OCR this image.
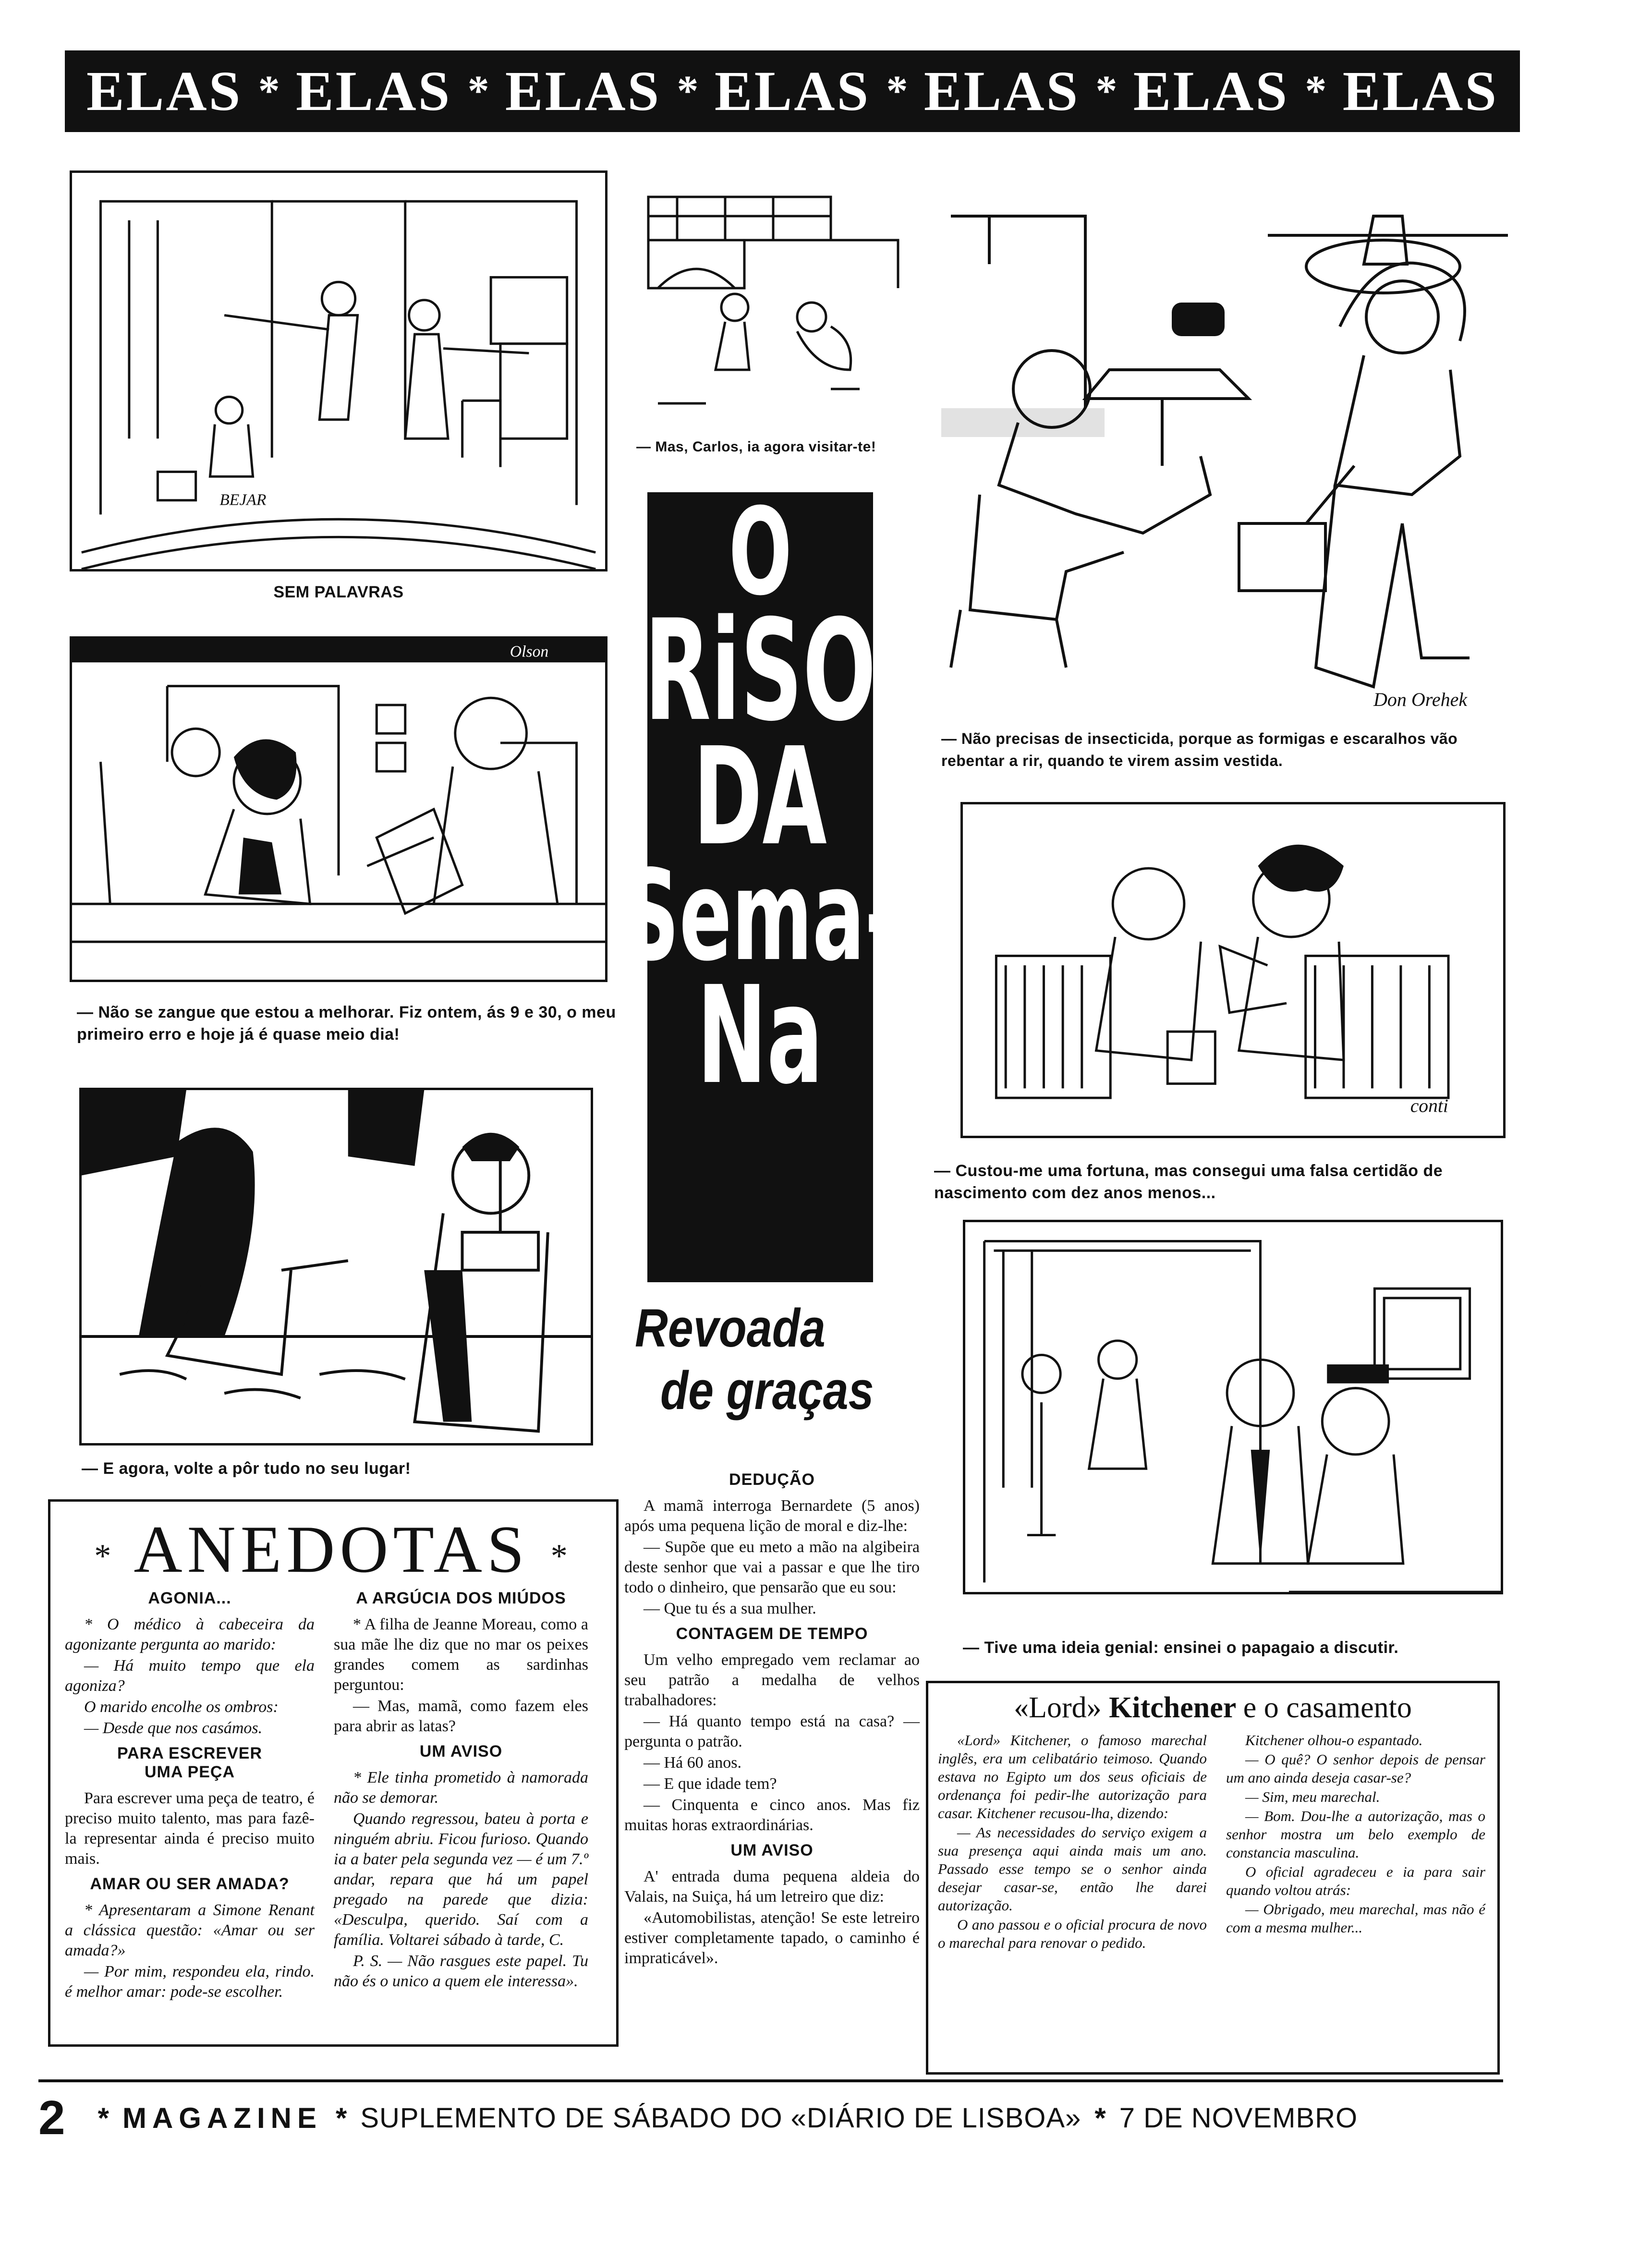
ELAS * ELAS * ELAS * ELAS * ELAS * ELAS * ELAS
BEJAR
SEM PALAVRAS
— Mas, Carlos, ia agora visitar-te!
Don Orehek
— Não precisas de insecticida, porque as formigas e escaralhos vão rebentar a rir, quando te virem assim vestida.
Olson
— Não se zangue que estou a melhorar. Fiz ontem, ás 9 e 30, o meu primeiro erro e hoje já é quase meio dia!
O
RiSO
DA
Sema-
Na
Revoada
de graças
conti
— Custou-me uma fortuna, mas consegui uma falsa certidão de nascimento com dez anos menos...
— E agora, volte a pôr tudo no seu lugar!
— Tive uma ideia genial: ensinei o papagaio a discutir.
DEDUÇÃO

A mamã interroga Bernardete (5 anos) após uma pequena lição de moral e diz-lhe:

— Supõe que eu meto a mão na algibeira deste senhor que vai a passar e que lhe tiro todo o dinheiro, que pensarão que eu sou:

— Que tu és a sua mulher.

CONTAGEM DE TEMPO

Um velho empregado vem reclamar ao seu patrão a medalha de velhos trabalhadores:

— Há quanto tempo está na casa? — pergunta o patrão.

— Há 60 anos.

— E que idade tem?

— Cinquenta e cinco anos. Mas fiz muitas horas extraordinárias.

UM AVISO

A' entrada duma pequena aldeia do Valais, na Suiça, há um letreiro que diz:

«Automobilistas, atenção! Se este letreiro estiver completamente tapado, o caminho é impraticável».

* ANEDOTAS *
AGONIA...

* O médico à cabeceira da agonizante pergunta ao marido:

— Há muito tempo que ela agoniza?

O marido encolhe os ombros:

— Desde que nos casámos.

PARA ESCREVER
UMA PEÇA

Para escrever uma peça de teatro, é preciso muito talento, mas para fazê-la representar ainda é preciso muito mais.

AMAR OU SER AMADA?

* Apresentaram a Simone Renant a clássica questão: «Amar ou ser amada?»

— Por mim, respondeu ela, rindo. é melhor amar: pode-se escolher.

A ARGÚCIA DOS MIÚDOS

* A filha de Jeanne Moreau, como a sua mãe lhe diz que no mar os peixes grandes comem as sardinhas perguntou:

— Mas, mamã, como fazem eles para abrir as latas?

UM AVISO

* Ele tinha prometido à namorada não se demorar.

Quando regressou, bateu à porta e ninguém abriu. Ficou furioso. Quando ia a bater pela segunda vez — é um 7.º andar, repara que há um papel pregado na parede que dizia: «Desculpa, querido. Saí com a família. Voltarei sábado à tarde, C.

P. S. — Não rasgues este papel. Tu não és o unico a quem ele interessa».

«Lord» Kitchener e o casamento

«Lord» Kitchener, o famoso marechal inglês, era um celibatário teimoso. Quando estava no Egipto um dos seus oficiais de ordenança foi pedir-lhe autorização para casar. Kitchener recusou-lha, dizendo:

— As necessidades do serviço exigem a sua presença aqui ainda mais um ano. Passado esse tempo se o senhor ainda desejar casar-se, então lhe darei autorização.

O ano passou e o oficial procura de novo o marechal para renovar o pedido.

Kitchener olhou-o espantado.

— O quê? O senhor depois de pensar um ano ainda deseja casar-se?

— Sim, meu marechal.

— Bom. Dou-lhe a autorização, mas o senhor mostra um belo exemplo de constancia masculina.

O oficial agradeceu e ia para sair quando voltou atrás:

— Obrigado, meu marechal, mas não é com a mesma mulher...

2 * MAGAZINE * SUPLEMENTO DE SÁBADO DO «DIÁRIO DE LISBOA» * 7 DE NOVEMBRO
